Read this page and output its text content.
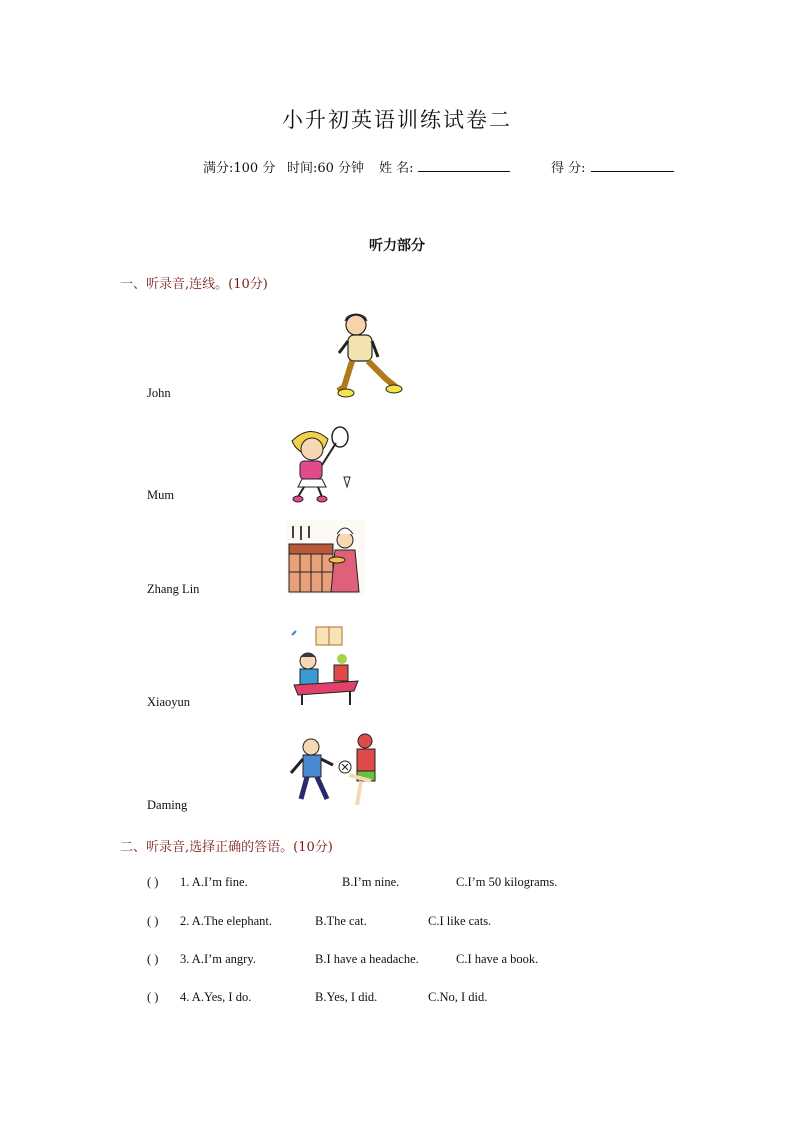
小升初英语训练试卷二
满分:100 分 时间:60 分钟 姓 名:	得 分:
听力部分
一、听录音,连线。(10分)
John
Mum
Zhang Lin
Xiaoyun
Daming
二、听录音,选择正确的答语。(10分)
( ) 1. A.I’m fine.	B.I’m nine.	C.I’m 50 kilograms.
( ) 2. A.The elephant.	B.The cat.	C.I like cats.
( ) 3. A.I’m angry.	B.I have a headache.	C.I have a book.
( ) 4. A.Yes, I do.	B.Yes, I did.	C.No, I did.
